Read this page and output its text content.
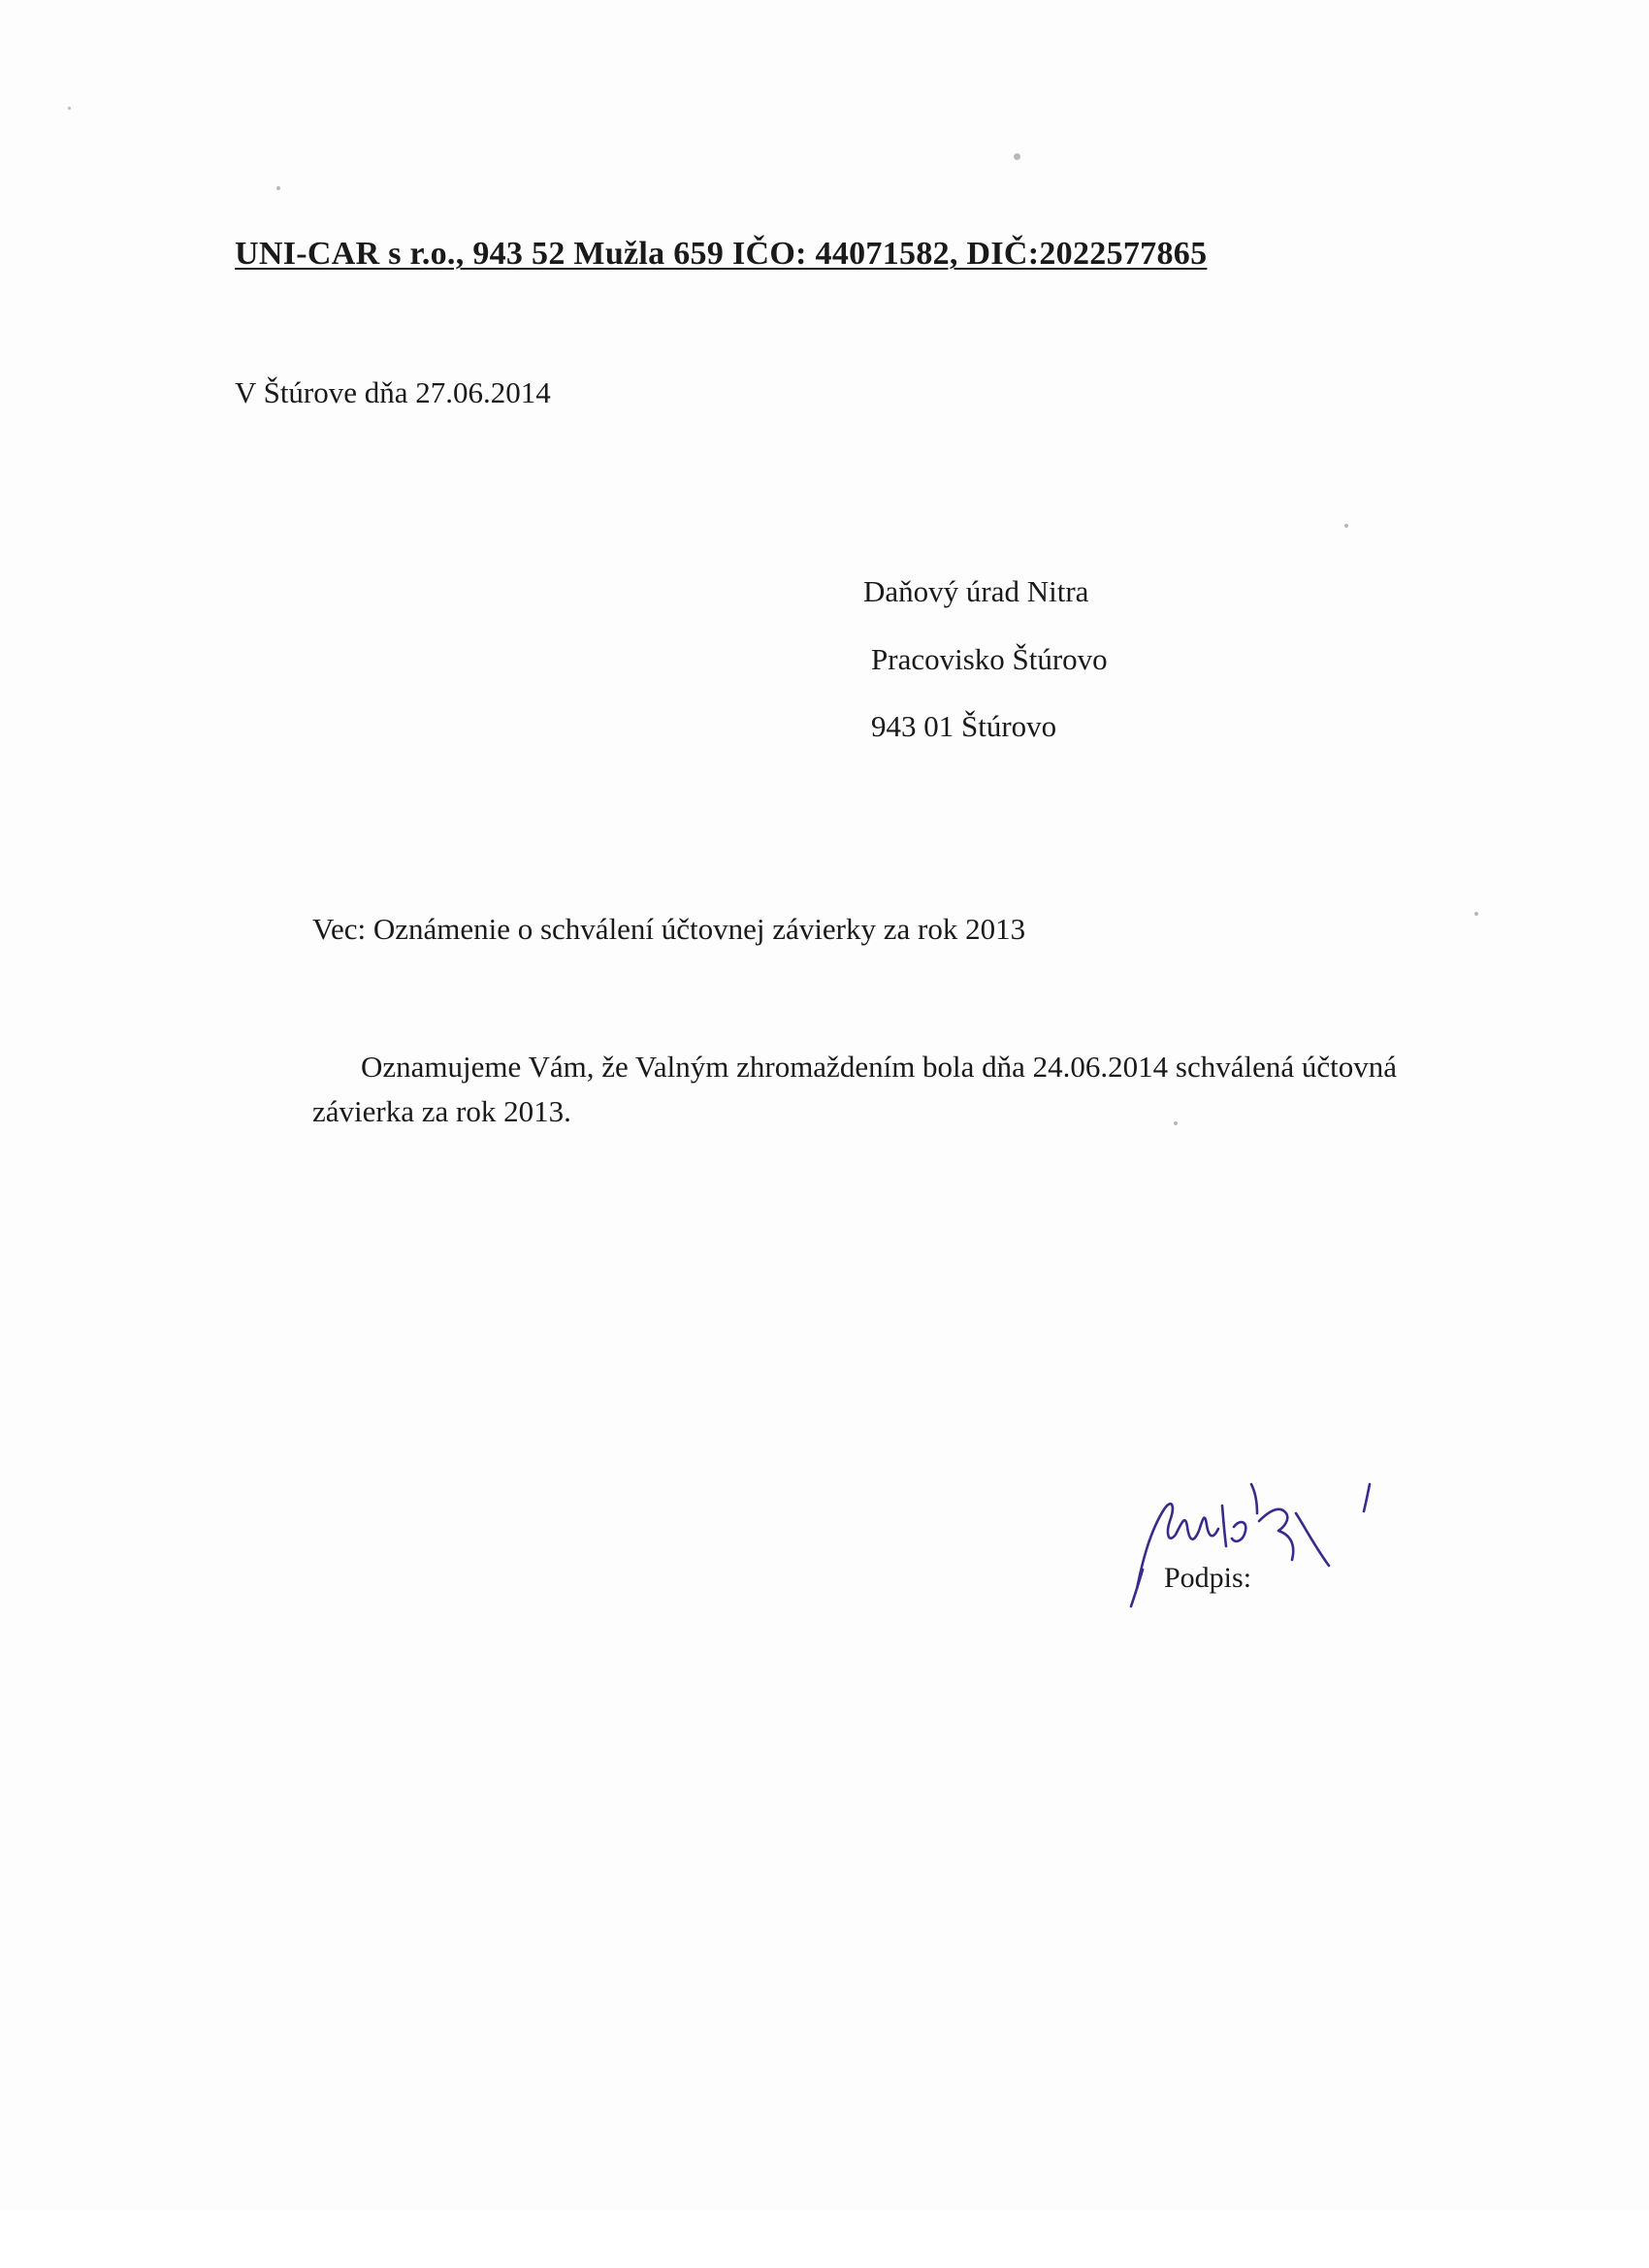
UNI-CAR s r.o., 943 52 Mužla 659 IČO: 44071582, DIČ:2022577865
V Štúrove dňa 27.06.2014
Daňový úrad Nitra
Pracovisko Štúrovo
943 01 Štúrovo
Vec: Oznámenie o schválení účtovnej závierky za rok 2013
Oznamujeme Vám, že Valným zhromaždením bola dňa 24.06.2014 schválená účtovná závierka za rok 2013.
Podpis:
